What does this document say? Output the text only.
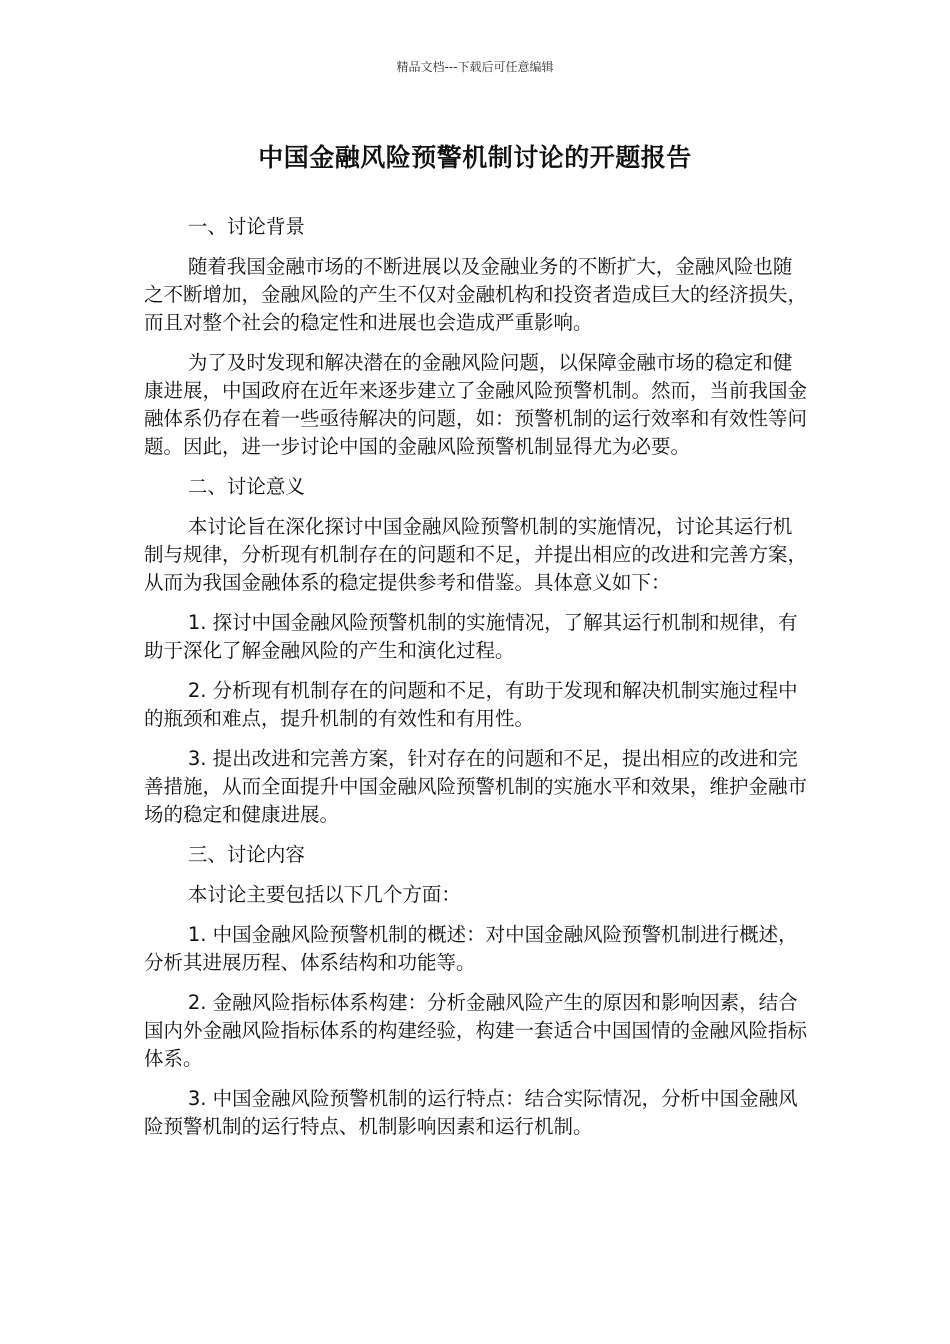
精品文档---下载后可任意编辑
中国金融风险预警机制讨论的开题报告

一、讨论背景

随着我国金融市场的不断进展以及金融业务的不断扩大，金融风险也随之不断增加，金融风险的产生不仅对金融机构和投资者造成巨大的经济损失，而且对整个社会的稳定性和进展也会造成严重影响。

为了及时发现和解决潜在的金融风险问题，以保障金融市场的稳定和健康进展，中国政府在近年来逐步建立了金融风险预警机制。然而，当前我国金融体系仍存在着一些亟待解决的问题，如：预警机制的运行效率和有效性等问题。因此，进一步讨论中国的金融风险预警机制显得尤为必要。

二、讨论意义

本讨论旨在深化探讨中国金融风险预警机制的实施情况，讨论其运行机制与规律，分析现有机制存在的问题和不足，并提出相应的改进和完善方案，从而为我国金融体系的稳定提供参考和借鉴。具体意义如下：

1. 探讨中国金融风险预警机制的实施情况，了解其运行机制和规律，有助于深化了解金融风险的产生和演化过程。

2. 分析现有机制存在的问题和不足，有助于发现和解决机制实施过程中的瓶颈和难点，提升机制的有效性和有用性。

3. 提出改进和完善方案，针对存在的问题和不足，提出相应的改进和完善措施，从而全面提升中国金融风险预警机制的实施水平和效果，维护金融市场的稳定和健康进展。

三、讨论内容

本讨论主要包括以下几个方面：

1. 中国金融风险预警机制的概述：对中国金融风险预警机制进行概述，分析其进展历程、体系结构和功能等。

2. 金融风险指标体系构建：分析金融风险产生的原因和影响因素，结合国内外金融风险指标体系的构建经验，构建一套适合中国国情的金融风险指标体系。

3. 中国金融风险预警机制的运行特点：结合实际情况，分析中国金融风险预警机制的运行特点、机制影响因素和运行机制。
